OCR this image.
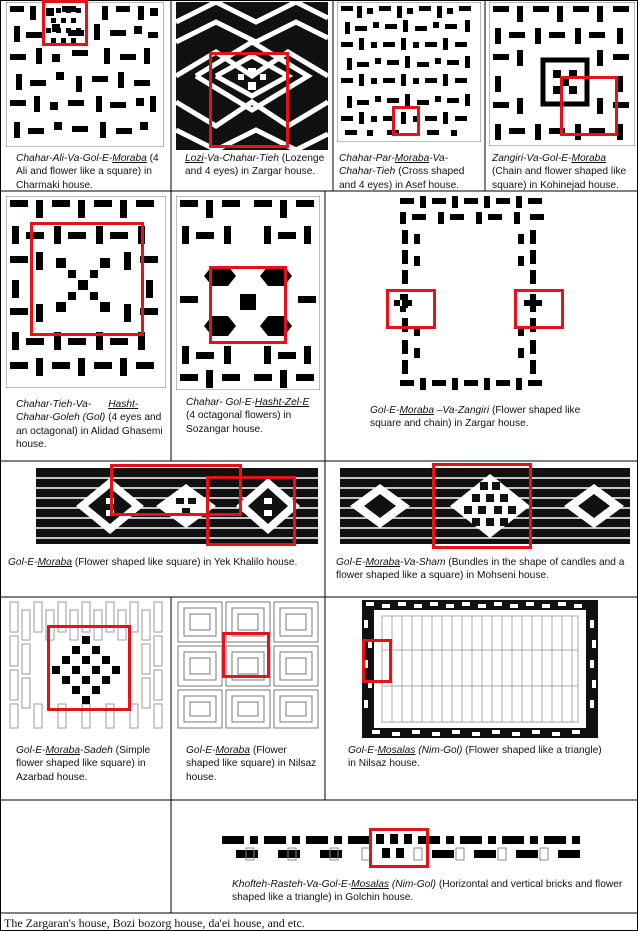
Chahar-Ali-Va-Gol-E-Moraba (4 Ali and flower like a square) in Charmaki house.
Lozi-Va-Chahar-Tieh (Lozenge and 4 eyes) in Zargar house.
Chahar-Par-Moraba-Va-Chahar-Tieh (Cross shaped and 4 eyes) in Asef house.
Zangiri-Va-Gol-E-Moraba (Chain and flower shaped like square) in Kohinejad house.
Chahar-Tieh-Va- Hasht-
Chahar-Goleh (Gol) (4 eyes and an octagonal) in Alidad Ghasemi house.
Chahar- Gol-E-Hasht-Zel-E (4 octagonal flowers) in Sozangar house.
Gol-E-Moraba –Va-Zangiri (Flower shaped like square and chain) in Zargar house.
Gol-E-Moraba (Flower shaped like square) in Yek Khalilo house.	Gol-E-Moraba-Va-Sham (Bundles in the shape of candles and a flower shaped like a square) in Mohseni house.
Gol-E-Moraba-Sadeh (Simple flower shaped like square) in Azarbad house.
Gol-E-Moraba (Flower shaped like square) in Nilsaz house.
Gol-E-Mosalas (Nim-Gol) (Flower shaped like a triangle) in Nilsaz house.
Khofteh-Rasteh-Va-Gol-E-Mosalas (Nim-Gol) (Horizontal and vertical bricks and flower shaped like a triangle) in Golchin house.
The Zargaran's house, Bozi bozorg house, da'ei house, and etc.
